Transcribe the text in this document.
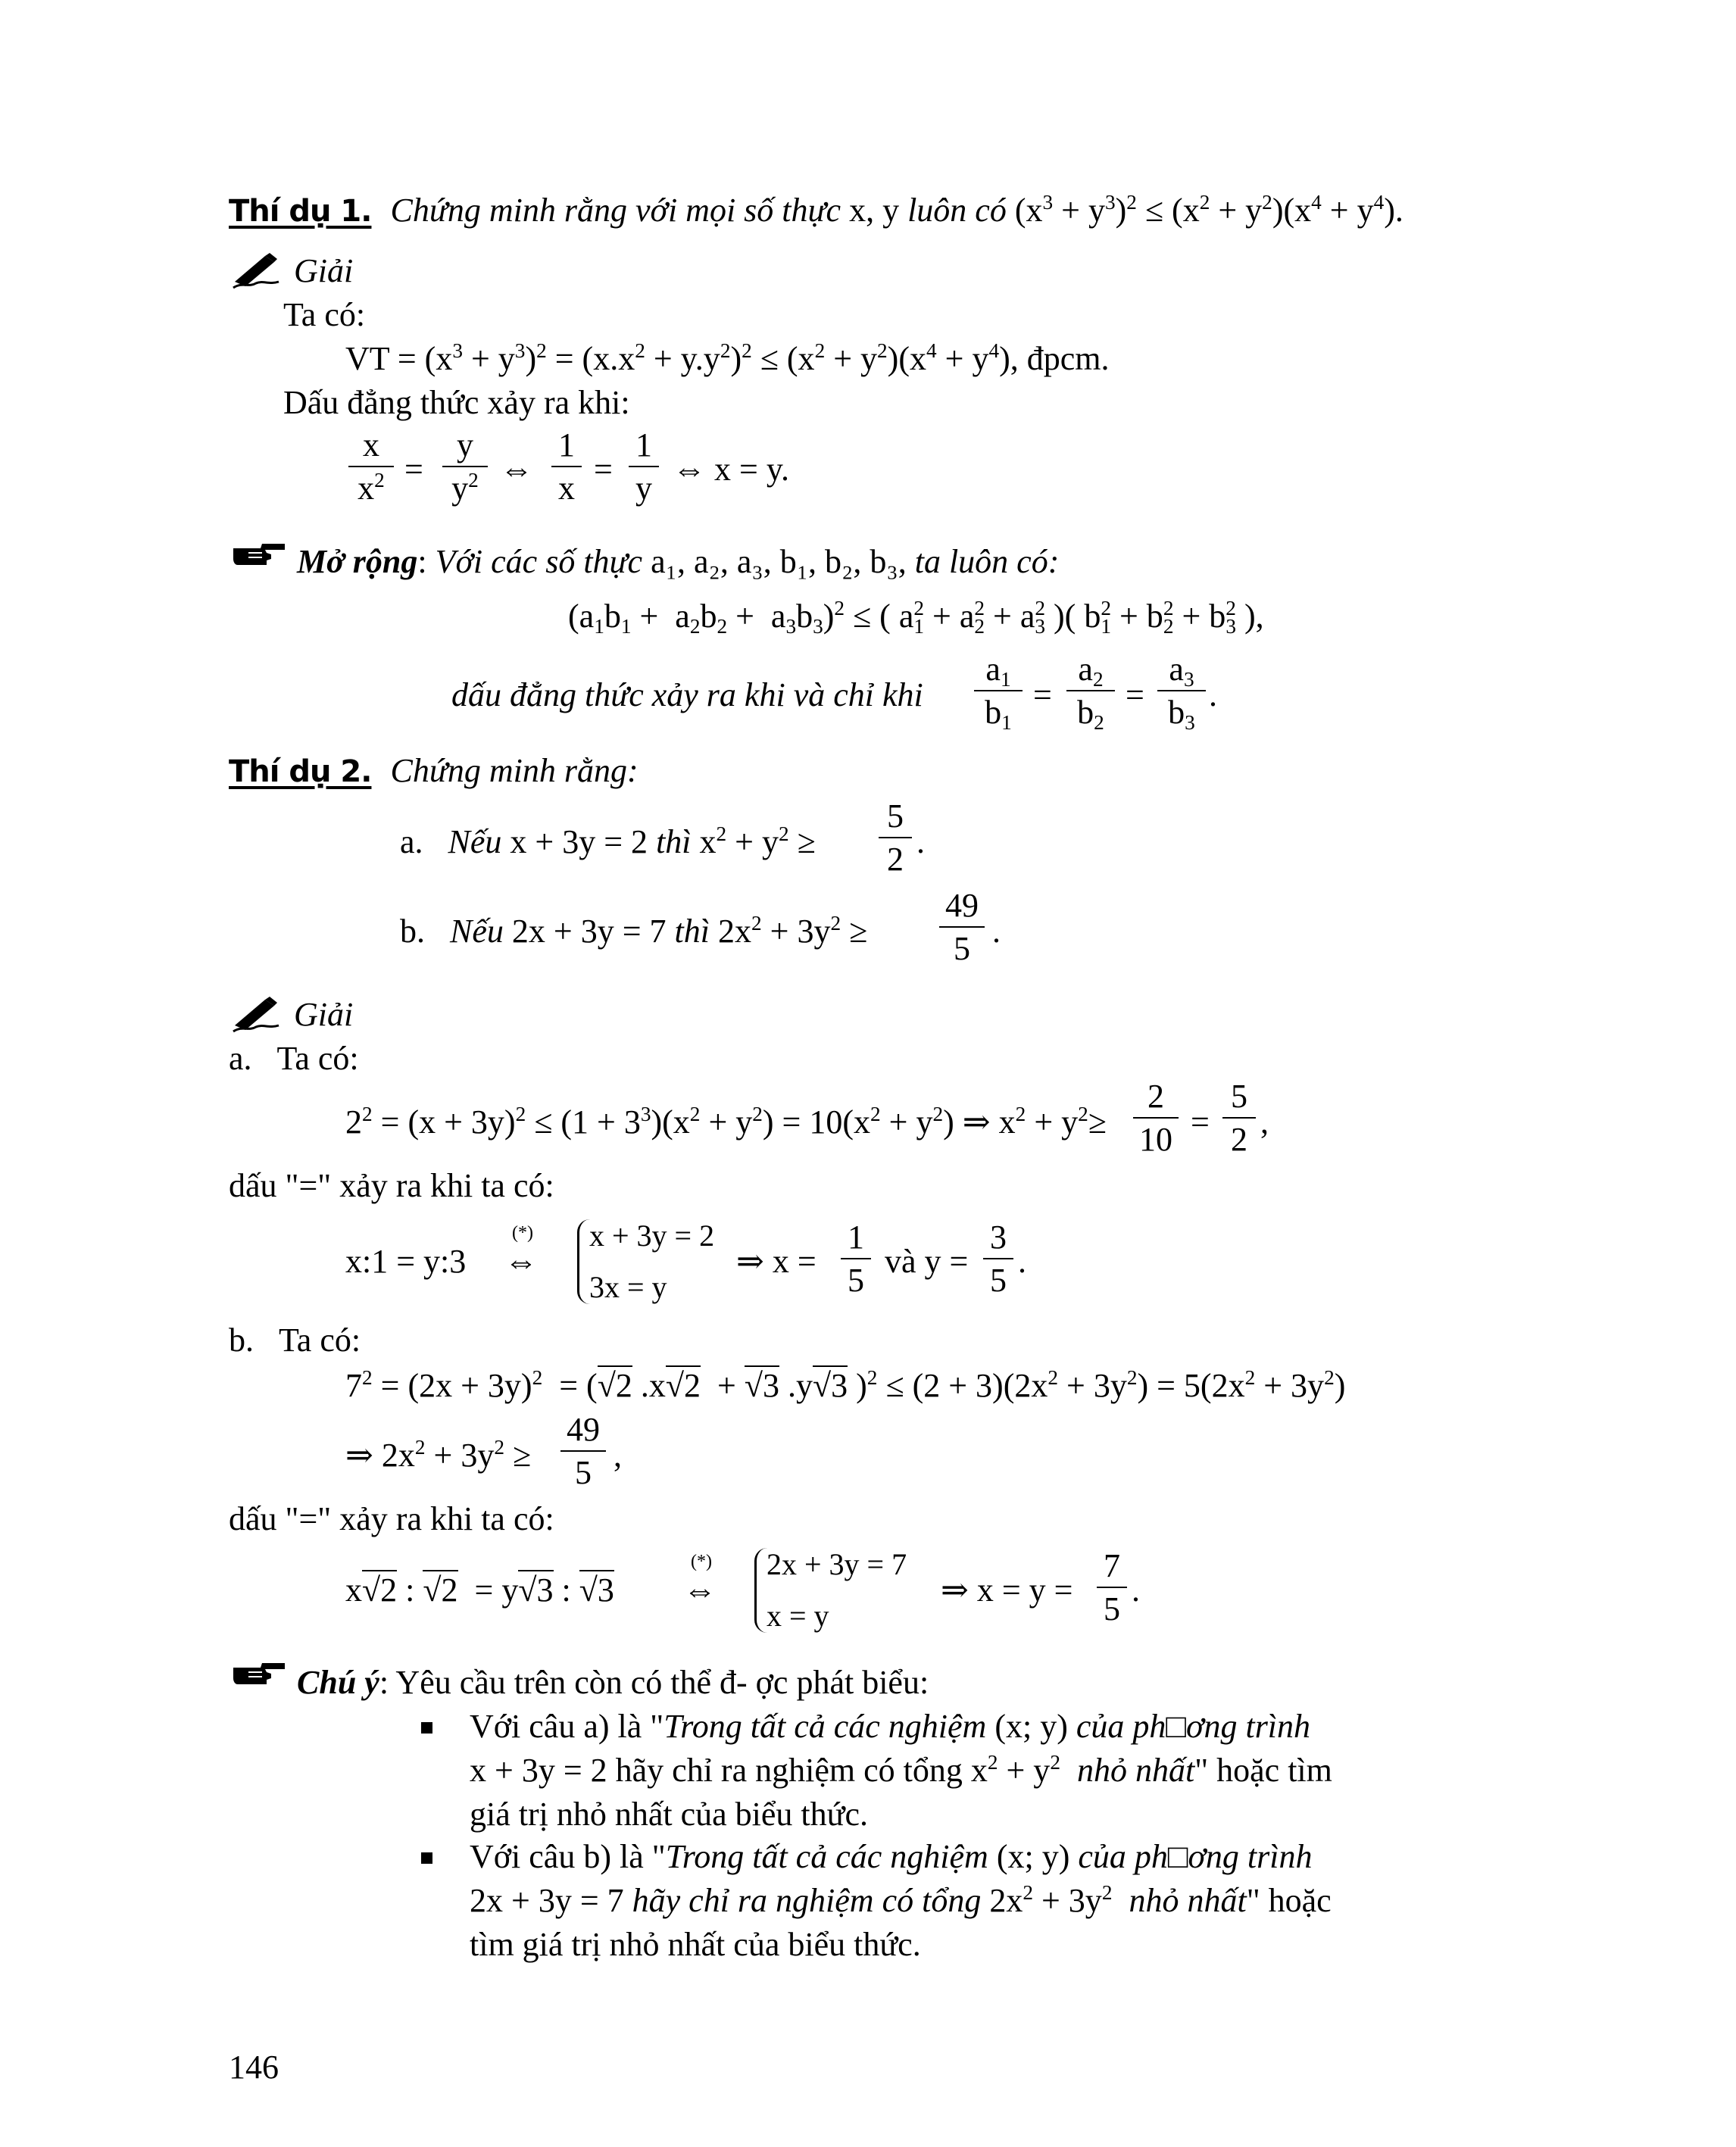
Thí dụ 1. Chứng minh rằng với mọi số thực x, y luôn có $(x^3 + y^3)^2 \le (x^2 + y^2)(x^4 + y^4)$.
Giải
Ta có:
VT = $(x^3 + y^3)^2 = (x.x^2 + y.y^2)^2 \le (x^2 + y^2)(x^4 + y^4)$, đpcm.
Dấu đẳng thức xảy ra khi:
x
$x^2$ =
y
$y^2$ ⇔
1
x
=
1
y
⇔ x = y.
Mở rộng: Với các số thực a₁, a₂, a₃, b₁, b₂, b₃, ta luôn có:
$(a_1b_1 + a_2b_2 + a_3b_3)^2$ ≤ ( $a^2_1 + a^2_2 + a^2_3$ )( $b^2_1 + b^2_2 + b^2_3$ ),
dấu đẳng thức xảy ra khi và chỉ khi
$a_1$
$b_1$
=
$a_2$
$b_2$
=
$a_3$
$b_3$
.
Thí dụ 2. Chứng minh rằng:
a. Nếu x + 3y = 2 thì $x^2 + y^2$ ≥
5
2 .
b. Nếu 2x + 3y = 7 thì $2x^2 + 3y^2$ ≥
49
5 .
Giải
a. Ta có:
$2^2 = (x + 3y)^2 \le (1 + 3^3)(x^2 + y^2) = 10(x^2 + y^2)$ ⇒ $x^2 + y^2\ge$
2
10 =
5
2 ,
dấu "=" xảy ra khi ta có:
x:1 = y:3
(*)
⇔
x + 3y = 2
3x = y
⇒ x =
1
5
và y =
3
5
.
b. Ta có:
$7^2 = (2x + 3y)^2 = (√2$ .x√2  + √3 .y√3 )$^2 \le (2 + 3)(2x^2 + 3y^2) = 5(2x^2 + 3y^2)$
⇒ $2x^2 + 3y^2$ ≥
49
5 ,
dấu "=" xảy ra khi ta có:
x√2 : √2  = y√3 : √3
(*)
⇔
2x + 3y = 7
x = y
⇒ x = y =
7
5
.
Chú ý: Yêu cầu trên còn có thể đ- ợc phát biểu:
Với câu a) là "Trong tất cả các nghiệm (x; y) của ph□ơng trình
x + 3y = 2 hãy chỉ ra nghiệm có tổng $x^2 + y^2$ nhỏ nhất" hoặc tìm
giá trị nhỏ nhất của biểu thức.
Với câu b) là "Trong tất cả các nghiệm (x; y) của ph□ơng trình
2x + 3y = 7 hãy chỉ ra nghiệm có tổng $2x^2 + 3y^2$ nhỏ nhất" hoặc
tìm giá trị nhỏ nhất của biểu thức.
146
